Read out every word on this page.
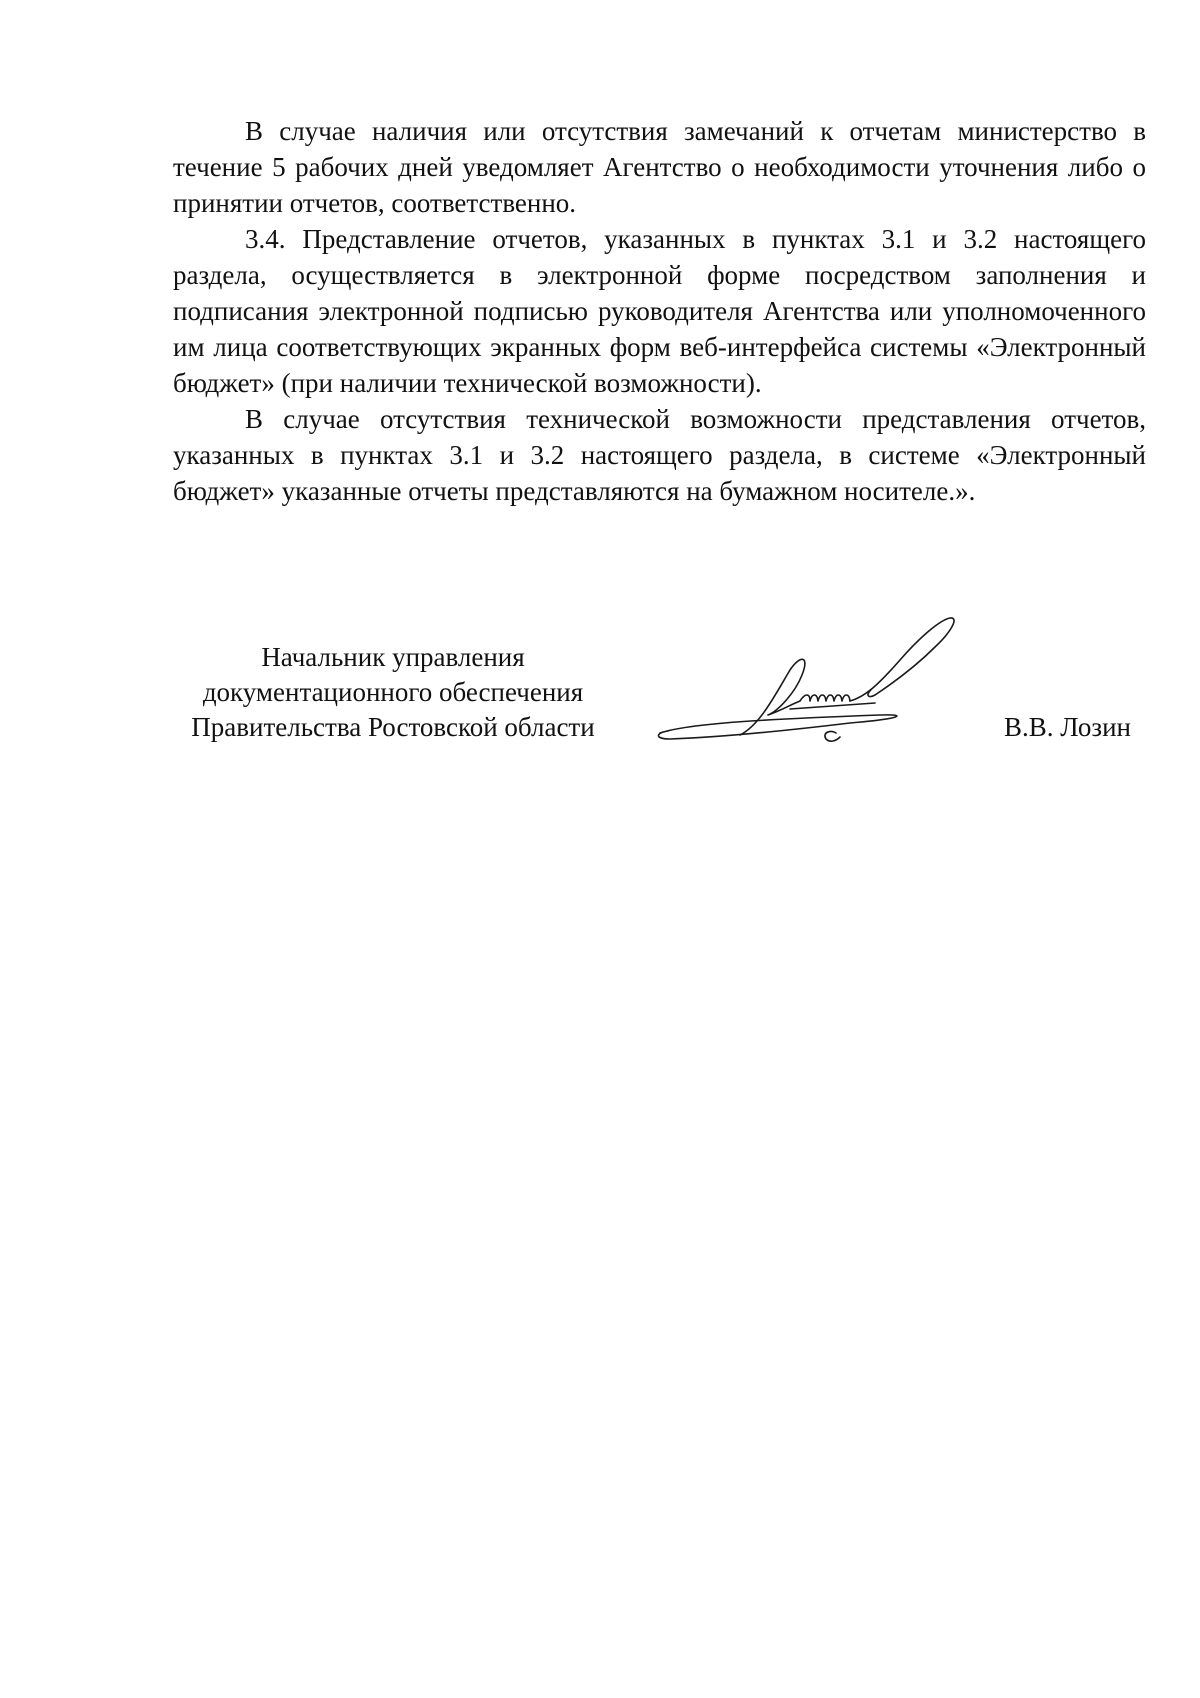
В случае наличия или отсутствия замечаний к отчетам министерство в течение 5 рабочих дней уведомляет Агентство о необходимости уточнения либо о принятии отчетов, соответственно.

3.4. Представление отчетов, указанных в пунктах 3.1 и 3.2 настоящего раздела, осуществляется в электронной форме посредством заполнения и подписания электронной подписью руководителя Агентства или уполномоченного им лица соответствующих экранных форм веб-интерфейса системы «Электронный бюджет» (при наличии технической возможности).

В случае отсутствия технической возможности представления отчетов, указанных в пунктах 3.1 и 3.2 настоящего раздела, в системе «Электронный бюджет» указанные отчеты представляются на бумажном носителе.».

Начальник управления
документационного обеспечения
Правительства Ростовской области	В.В. Лозин
